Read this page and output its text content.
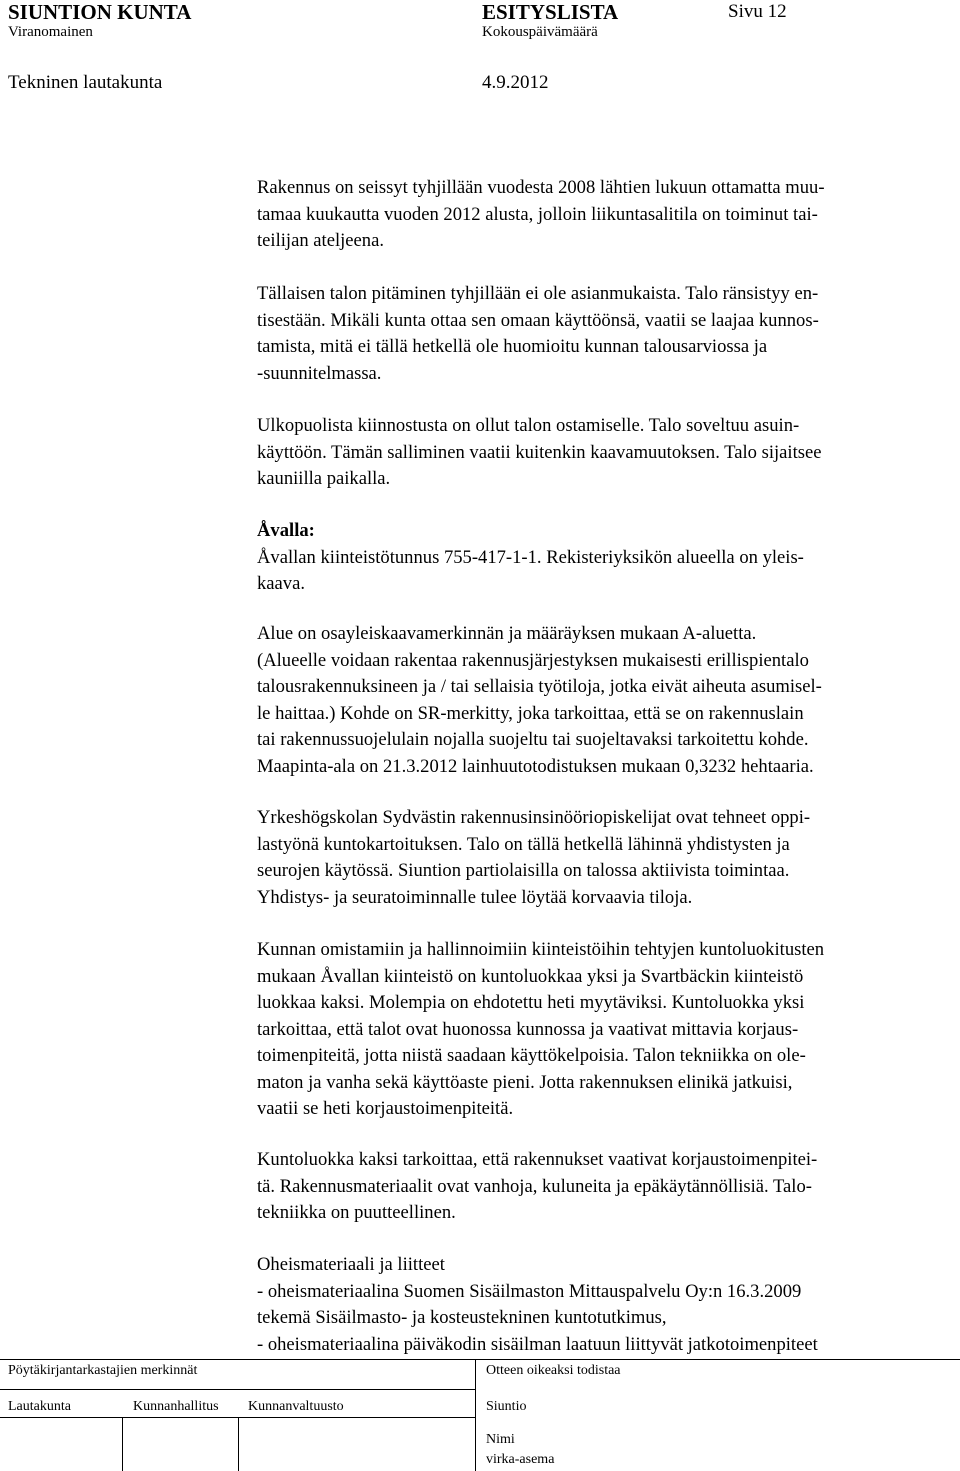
SIUNTION KUNTA
Viranomainen
ESITYSLISTA
Kokouspäivämäärä
Sivu 12
Tekninen lautakunta	4.9.2012

Rakennus on seissyt tyhjillään vuodesta 2008 lähtien lukuun ottamatta muu-
tamaa kuukautta vuoden 2012 alusta, jolloin liikuntasalitila on toiminut tai-
teilijan ateljeena.

Tällaisen talon pitäminen tyhjillään ei ole asianmukaista. Talo ränsistyy en-
tisestään. Mikäli kunta ottaa sen omaan käyttöönsä, vaatii se laajaa kunnos-
tamista, mitä ei tällä hetkellä ole huomioitu kunnan talousarviossa ja
-suunnitelmassa.

Ulkopuolista kiinnostusta on ollut talon ostamiselle. Talo soveltuu asuin-
käyttöön. Tämän salliminen vaatii kuitenkin kaavamuutoksen. Talo sijaitsee
kauniilla paikalla.

Åvalla:

Åvallan kiinteistötunnus 755-417-1-1. Rekisteriyksikön alueella on yleis-
kaava.

Alue on osayleiskaavamerkinnän ja määräyksen mukaan A-aluetta.
(Alueelle voidaan rakentaa rakennusjärjestyksen mukaisesti erillispientalo
talousrakennuksineen ja / tai sellaisia työtiloja, jotka eivät aiheuta asumisel-
le haittaa.) Kohde on SR-merkitty, joka tarkoittaa, että se on rakennuslain
tai rakennussuojelulain nojalla suojeltu tai suojeltavaksi tarkoitettu kohde.
Maapinta-ala on 21.3.2012 lainhuutotodistuksen mukaan 0,3232 hehtaaria.

Yrkeshögskolan Sydvästin rakennusinsinööriopiskelijat ovat tehneet oppi-
lastyönä kuntokartoituksen. Talo on tällä hetkellä lähinnä yhdistysten ja
seurojen käytössä. Siuntion partiolaisilla on talossa aktiivista toimintaa.
Yhdistys- ja seuratoiminnalle tulee löytää korvaavia tiloja.

Kunnan omistamiin ja hallinnoimiin kiinteistöihin tehtyjen kuntoluokitusten
mukaan Åvallan kiinteistö on kuntoluokkaa yksi ja Svartbäckin kiinteistö
luokkaa kaksi. Molempia on ehdotettu heti myytäviksi. Kuntoluokka yksi
tarkoittaa, että talot ovat huonossa kunnossa ja vaativat mittavia korjaus-
toimenpiteitä, jotta niistä saadaan käyttökelpoisia. Talon tekniikka on ole-
maton ja vanha sekä käyttöaste pieni. Jotta rakennuksen elinikä jatkuisi,
vaatii se heti korjaustoimenpiteitä.

Kuntoluokka kaksi tarkoittaa, että rakennukset vaativat korjaustoimenpitei-
tä. Rakennusmateriaalit ovat vanhoja, kuluneita ja epäkäytännöllisiä. Talo-
tekniikka on puutteellinen.

Oheismateriaali ja liitteet
- oheismateriaalina Suomen Sisäilmaston Mittauspalvelu Oy:n 16.3.2009
tekemä Sisäilmasto- ja kosteustekninen kuntotutkimus,
- oheismateriaalina päiväkodin sisäilman laatuun liittyvät jatkotoimenpiteet

Pöytäkirjantarkastajien merkinnät	Otteen oikeaksi todistaa
Lautakunta	Kunnanhallitus Kunnanvaltuusto	Siuntio
Nimi
virka-asema
